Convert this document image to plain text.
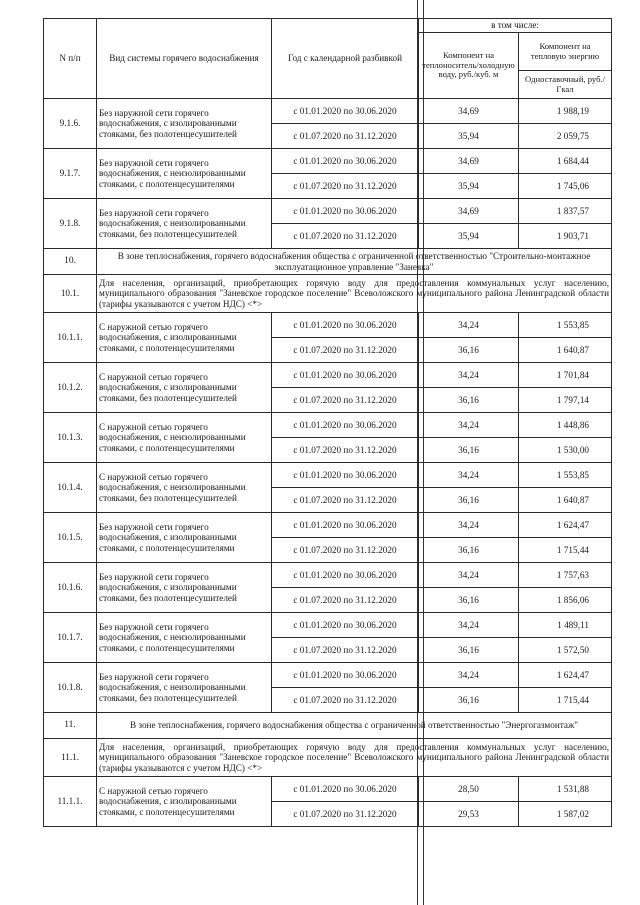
N п/п	Вид системы горячего водоснабжения	Год с календарной разбивкой	в том числе:	
			Компонент на теплоноситель/холодную воду, руб./куб. м	Компонент на тепловую энергию
				Одноставочный, руб./Гкал
9.1.6.	Без наружной сети горячего водоснабжения, с изолированными стояками, без полотенцесушителей	с 01.01.2020 по 30.06.2020	34,69	1 988,19
		с 01.07.2020 по 31.12.2020	35,94	2 059,75
9.1.7.	Без наружной сети горячего водоснабжения, с неизолированными стояками, с полотенцесушителями	с 01.01.2020 по 30.06.2020	34,69	1 684,44
		с 01.07.2020 по 31.12.2020	35,94	1 745,06
9.1.8.	Без наружной сети горячего водоснабжения, с неизолированными стояками, без полотенцесушителей	с 01.01.2020 по 30.06.2020	34,69	1 837,57
		с 01.07.2020 по 31.12.2020	35,94	1 903,71
10.	В зоне теплоснабжения, горячего водоснабжения общества с ограниченной ответственностью "Строительно-монтажное эксплуатационное управление "Заневка"			
10.1.	Для населения, организаций, приобретающих горячую воду для предоставления коммунальных услуг населению, муниципального образования "Заневское городское поселение" Всеволожского муниципального района Ленинградской области (тарифы указываются с учетом НДС) <*>			
10.1.1.	С наружной сетью горячего водоснабжения, с изолированными стояками, с полотенцесушителями	с 01.01.2020 по 30.06.2020	34,24	1 553,85
		с 01.07.2020 по 31.12.2020	36,16	1 640,87
10.1.2.	С наружной сетью горячего водоснабжения, с изолированными стояками, без полотенцесушителей	с 01.01.2020 по 30.06.2020	34,24	1 701,84
		с 01.07.2020 по 31.12.2020	36,16	1 797,14
10.1.3.	С наружной сетью горячего водоснабжения, с неизолированными стояками, с полотенцесушителями	с 01.01.2020 по 30.06.2020	34,24	1 448,86
		с 01.07.2020 по 31.12.2020	36,16	1 530,00
10.1.4.	С наружной сетью горячего водоснабжения, с неизолированными стояками, без полотенцесушителей	с 01.01.2020 по 30.06.2020	34,24	1 553,85
		с 01.07.2020 по 31.12.2020	36,16	1 640,87
10.1.5.	Без наружной сети горячего водоснабжения, с изолированными стояками, с полотенцесушителями	с 01.01.2020 по 30.06.2020	34,24	1 624,47
		с 01.07.2020 по 31.12.2020	36,16	1 715,44
10.1.6.	Без наружной сети горячего водоснабжения, с изолированными стояками, без полотенцесушителей	с 01.01.2020 по 30.06.2020	34,24	1 757,63
		с 01.07.2020 по 31.12.2020	36,16	1 856,06
10.1.7.	Без наружной сети горячего водоснабжения, с неизолированными стояками, с полотенцесушителями	с 01.01.2020 по 30.06.2020	34,24	1 489,11
		с 01.07.2020 по 31.12.2020	36,16	1 572,50
10.1.8.	Без наружной сети горячего водоснабжения, с неизолированными стояками, без полотенцесушителей	с 01.01.2020 по 30.06.2020	34,24	1 624,47
		с 01.07.2020 по 31.12.2020	36,16	1 715,44
11.	В зоне теплоснабжения, горячего водоснабжения общества с ограниченной ответственностью "Энергогазмонтаж"			
11.1.	Для населения, организаций, приобретающих горячую воду для предоставления коммунальных услуг населению, муниципального образования "Заневское городское поселение" Всеволожского муниципального района Ленинградской области (тарифы указываются с учетом НДС) <*>			
11.1.1.	С наружной сетью горячего водоснабжения, с изолированными стояками, с полотенцесушителями	с 01.01.2020 по 30.06.2020	28,50	1 531,88
		с 01.07.2020 по 31.12.2020	29,53	1 587,02
